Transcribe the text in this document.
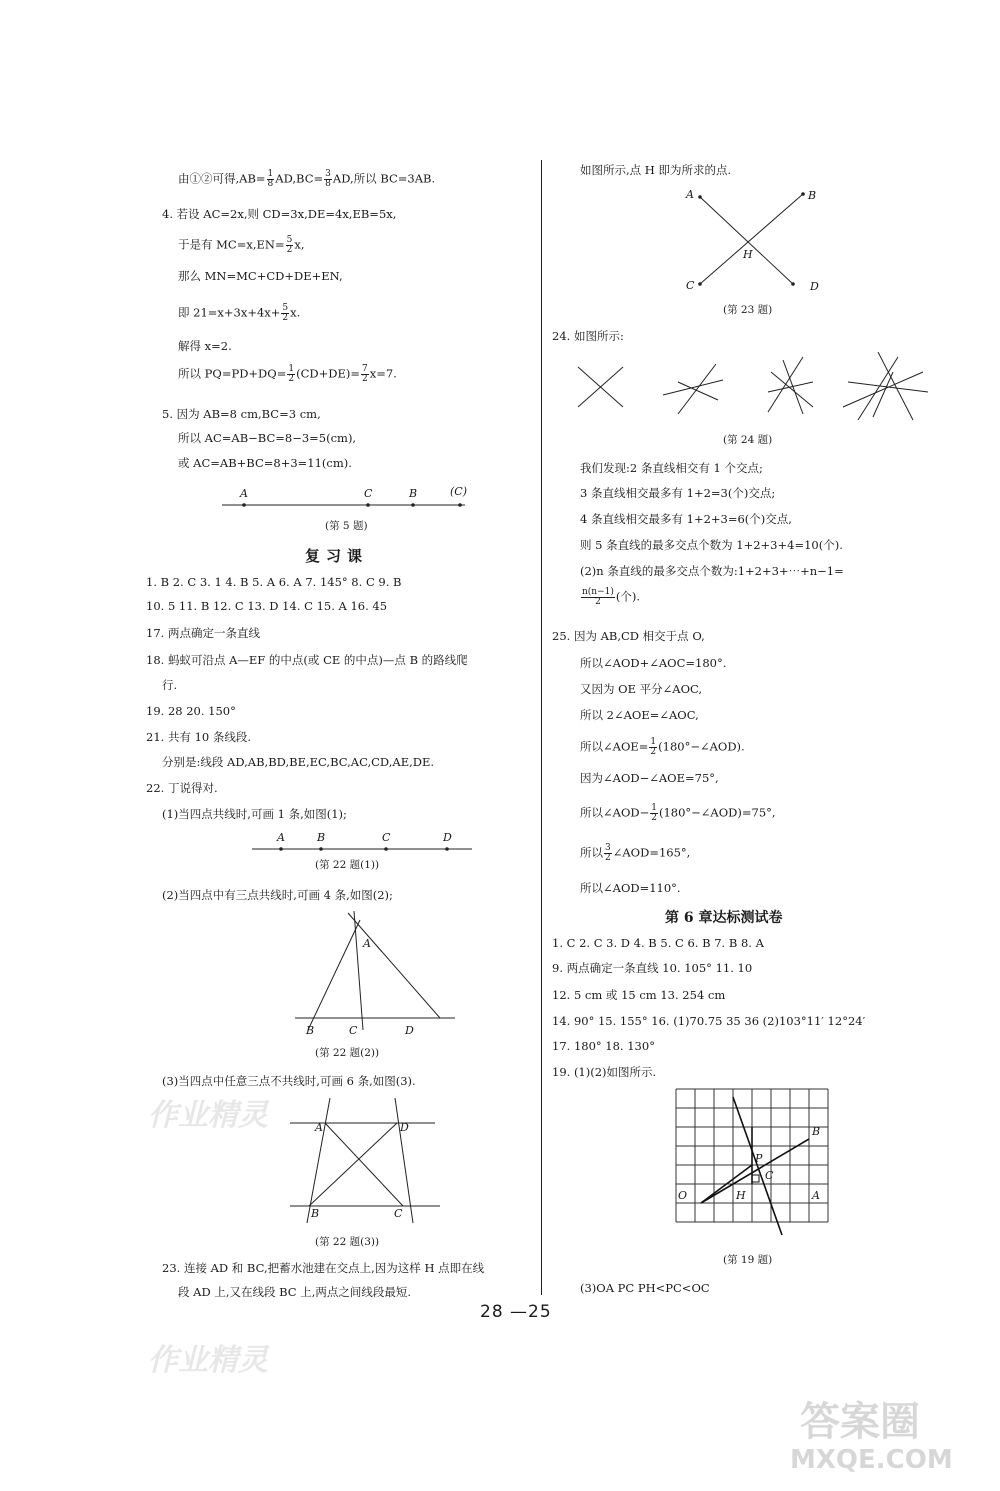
由①②可得$,AB= \frac{1}{8} AD,BC= \frac{3}{8}$ AD,所以 BC=3AB.
4. 若设 AC=2x,则 CD=3x,DE=4x,EB=5x,
于是有 $MC=x,EN= \frac{5}{2} x$,
那么 MN=MC+CD+DE+EN,
即 $21=x+3x+4x+ \frac{5}{2} x$.
解得 x=2.
所以 $PQ=PD+DQ= \frac{1}{2} (CD+DE)= \frac{7}{2} x=7$.
5. 因为 AB=8 cm,BC=3 cm,
所以 AC=AB−BC=8−3=5(cm),
或 AC=AB+BC=8+3=11(cm).
A	C	B	(C)
(第 5 题)
复习课
1. B 2. C 3. 1 4. B 5. A 6. A 7. 145° 8. C 9. B
10. 5 11. B 12. C 13. D 14. C 15. A 16. 45
17. 两点确定一条直线
18. 蚂蚁可沿点 A—EF 的中点(或 CE 的中点)—点 B 的路线爬
行.
19. 28 20. 150°
21. 共有 10 条线段.
分别是:线段 AD,AB,BD,BE,EC,BC,AC,CD,AE,DE.
22. 丁说得对.
(1)当四点共线时,可画 1 条,如图(1);
A	B	C	D
(第 22 题(1))
(2)当四点中有三点共线时,可画 4 条,如图(2);
A
B	C	D
(第 22 题(2))
(3)当四点中任意三点不共线时,可画 6 条,如图(3).
A	D
B	C
(第 22 题(3))
23. 连接 AD 和 BC,把蓄水池建在交点上,因为这样 H 点即在线
段 AD 上,又在线段 BC 上,两点之间线段最短.
如图所示,点 H 即为所求的点.
A	B
C	D
H
(第 23 题)
24. 如图所示:
(第 24 题)
我们发现:2 条直线相交有 1 个交点;
3 条直线相交最多有 1+2=3(个)交点;
4 条直线相交最多有 1+2+3=6(个)交点,
则 5 条直线的最多交点个数为 1+2+3+4=10(个).
(2)n 条直线的最多交点个数为:1+2+3+⋯+n−1=
$\frac{n(n-1)}{2}$ (个).
25. 因为 AB,CD 相交于点 O,
所以∠AOD+∠AOC=180°.
又因为 OE 平分∠AOC,
所以 2∠AOE=∠AOC,
所以∠AOE= $\frac{1}{2}$ (180°−∠AOD).
因为∠AOD−∠AOE=75°,
所以∠AOD− $\frac{1}{2}$ (180°−∠AOD)=75°,
所以 $\frac{3}{2}$ ∠AOD=165°,
所以∠AOD=110°.
第 6 章达标测试卷
1. C 2. C 3. D 4. B 5. C 6. B 7. B 8. A
9. 两点确定一条直线 10. 105° 11. 10
12. 5 cm 或 15 cm 13. 254 cm
14. 90° 15. 155° 16. (1)70.75 35 36 (2)103°11′ 12°24′
17. 180° 18. 130°
19. (1)(2)如图所示.
B
P
C
O	H	A
(第 19 题)
(3)OA PC PH<PC<OC
28 —25
作业精灵
作业精灵
答案圈
MXQE.COM
